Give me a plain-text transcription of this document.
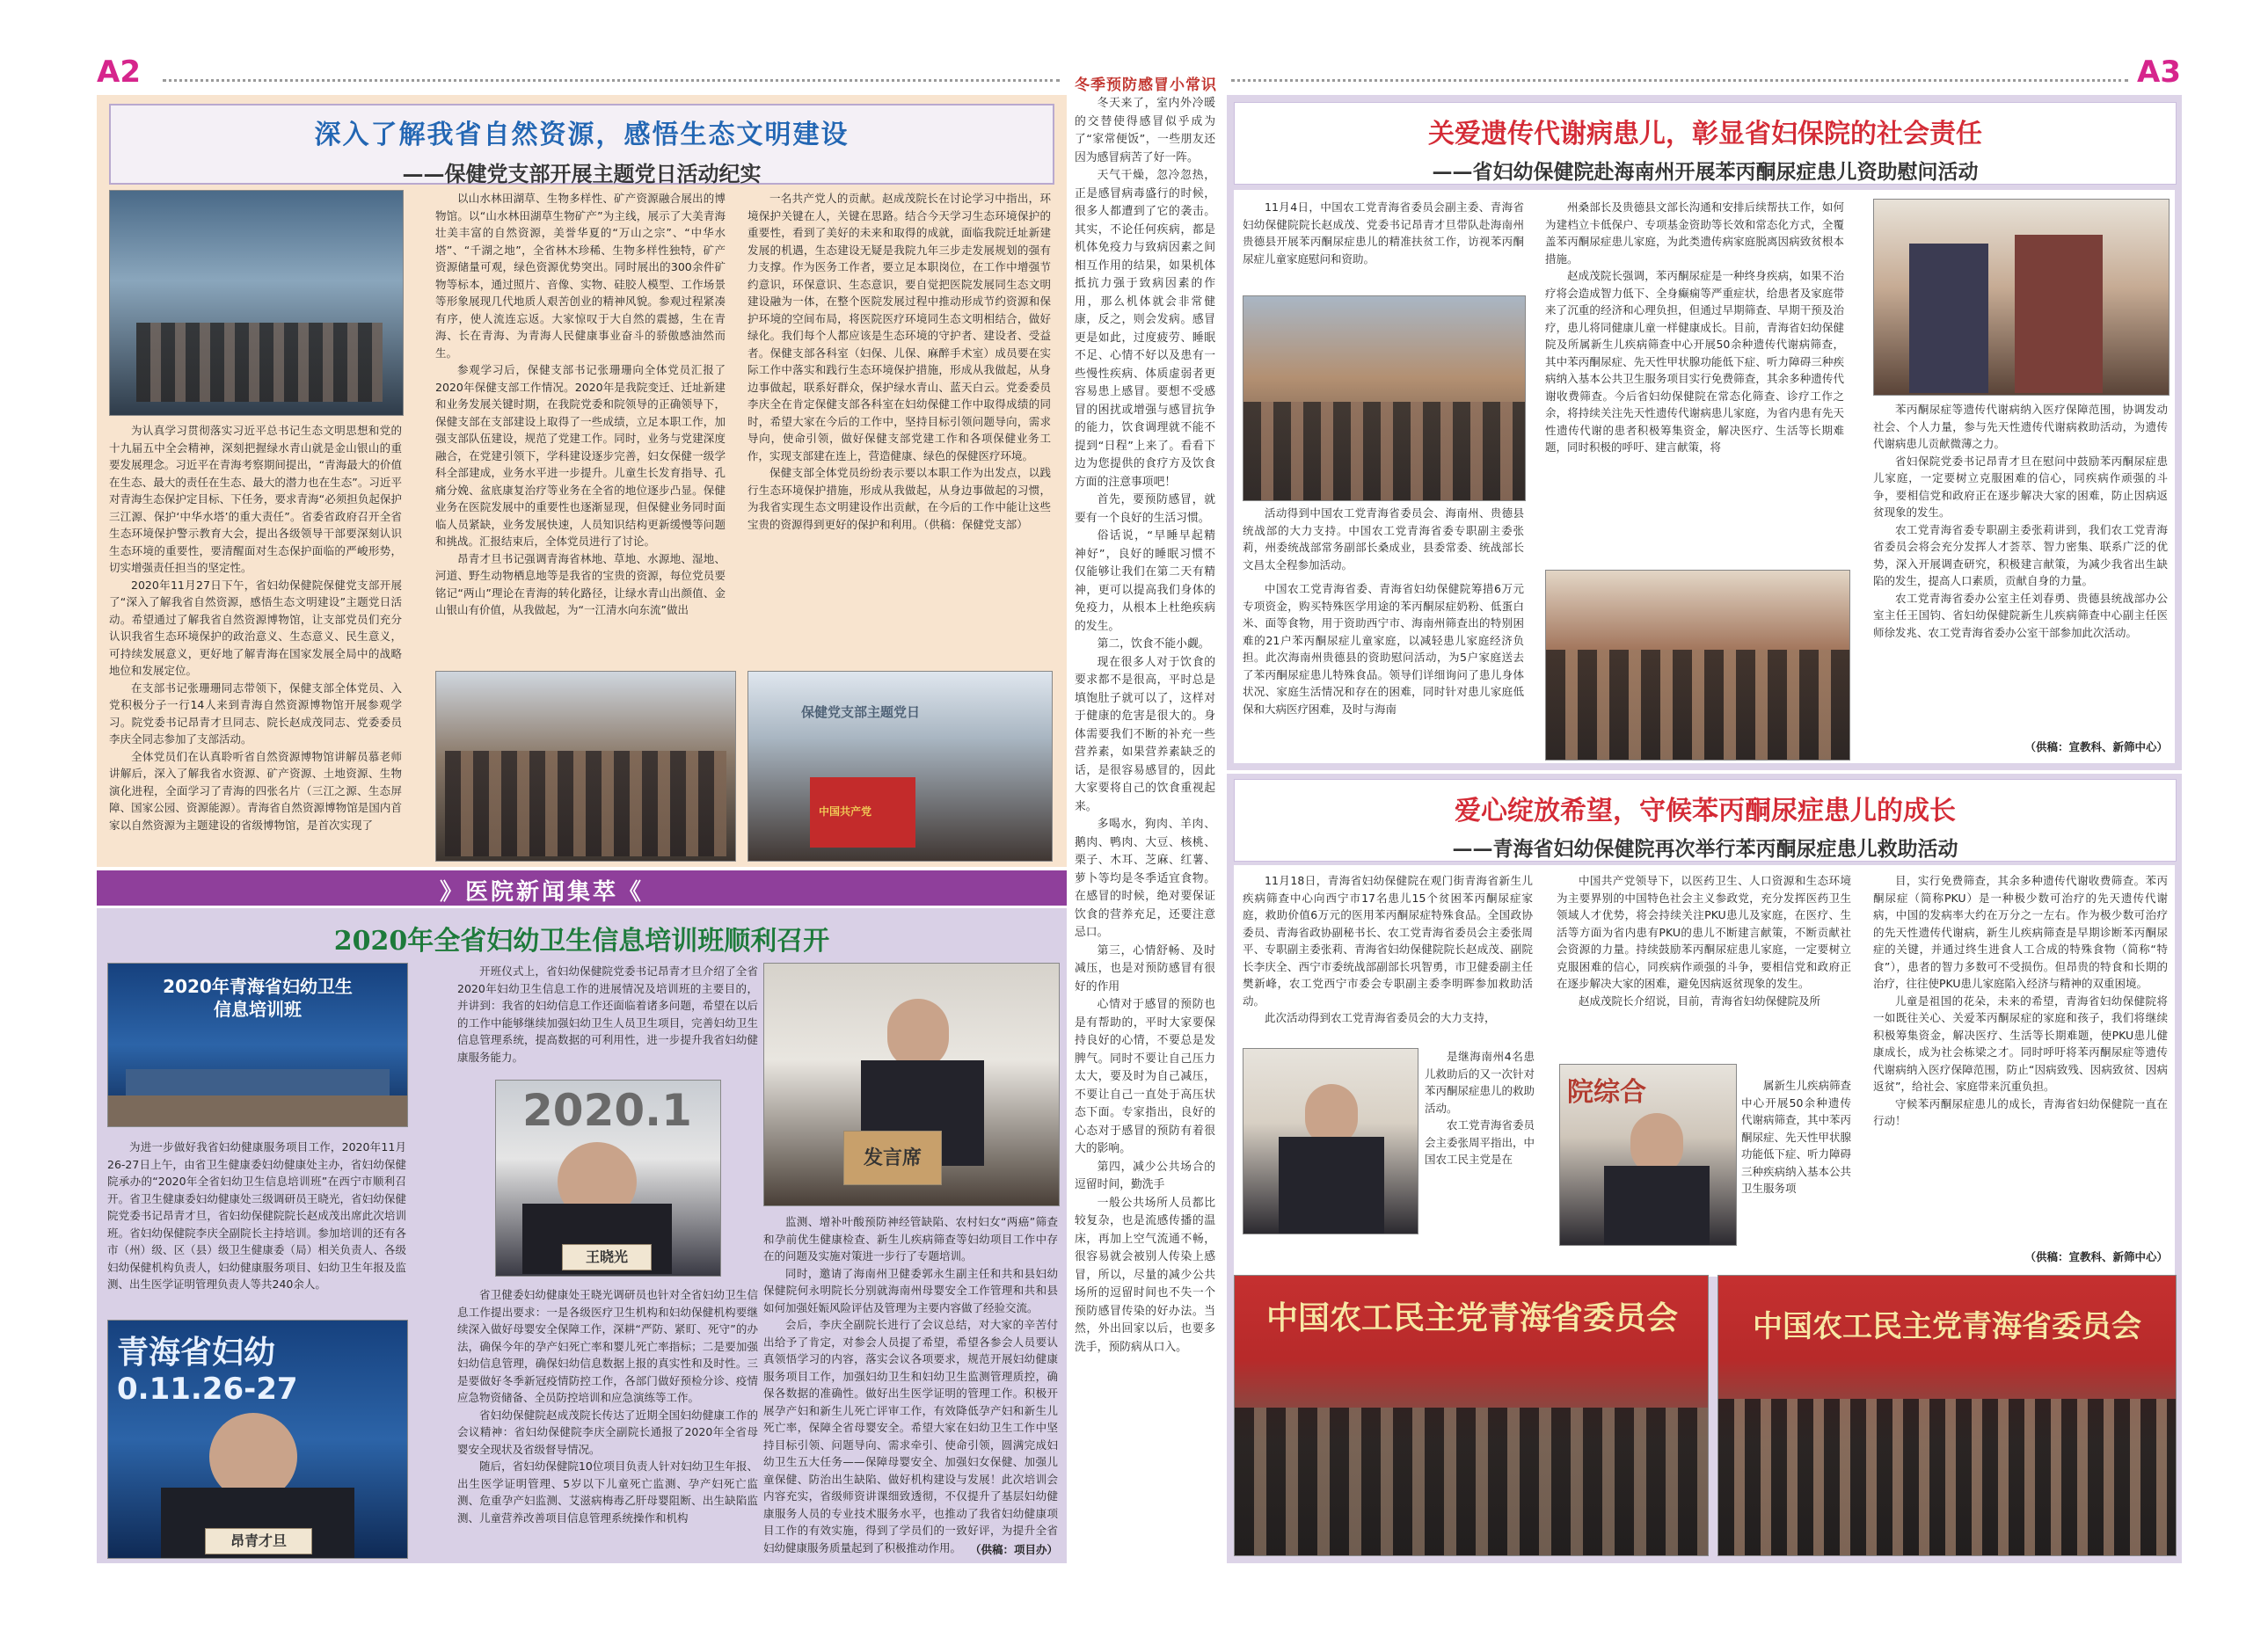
A2	冬季预防感冒小常识	A3
深入了解我省自然资源，感悟生态文明建设
——保健党支部开展主题党日活动纪实

为认真学习贯彻落实习近平总书记生态文明思想和党的十九届五中全会精神，深刻把握绿水青山就是金山银山的重要发展理念。习近平在青海考察期间提出，“青海最大的价值在生态、最大的责任在生态、最大的潜力也在生态”。习近平对青海生态保护定目标、下任务，要求青海“必须担负起保护三江源、保护‘中华水塔’的重大责任”。省委省政府召开全省生态环境保护警示教育大会，提出各级领导干部要深刻认识生态环境的重要性，要清醒面对生态保护面临的严峻形势，切实增强责任担当的坚定性。

2020年11月27日下午，省妇幼保健院保健党支部开展了“深入了解我省自然资源，感悟生态文明建设”主题党日活动。希望通过了解我省自然资源博物馆，让支部党员们充分认识我省生态环境保护的政治意义、生态意义、民生意义，可持续发展意义，更好地了解青海在国家发展全局中的战略地位和发展定位。

在支部书记张珊珊同志带领下，保健支部全体党员、入党积极分子一行14人来到青海自然资源博物馆开展参观学习。院党委书记昂青才旦同志、院长赵成茂同志、党委委员李庆全同志参加了支部活动。

全体党员们在认真聆听省自然资源博物馆讲解员慕老师讲解后，深入了解我省水资源、矿产资源、土地资源、生物演化进程，全面学习了青海的四张名片（三江之源、生态屏障、国家公园、资源能源）。青海省自然资源博物馆是国内首家以自然资源为主题建设的省级博物馆，是首次实现了

以山水林田湖草、生物多样性、矿产资源融合展出的博物馆。以“山水林田湖草生物矿产”为主线，展示了大美青海壮美丰富的自然资源，美誉华夏的“万山之宗”、“中华水塔”、“千湖之地”，全省林木珍稀、生物多样性独特，矿产资源储量可观，绿色资源优势突出。同时展出的300余件矿物等标本，通过照片、音像、实物、硅胶人模型、工作场景等形象展现几代地质人艰苦创业的精神风貌。参观过程紧凑有序，使人流连忘返。大家惊叹于大自然的震撼，生在青海、长在青海、为青海人民健康事业奋斗的骄傲感油然而生。

参观学习后，保健支部书记张珊珊向全体党员汇报了2020年保健支部工作情况。2020年是我院变迁、迁址新建和业务发展关键时期，在我院党委和院领导的正确领导下，保健支部在支部建设上取得了一些成绩，立足本职工作，加强支部队伍建设，规范了党建工作。同时，业务与党建深度融合，在党建引领下，学科建设逐步完善，妇女保健一级学科全部建成，业务水平进一步提升。儿童生长发育指导、孔痛分娩、盆底康复治疗等业务在全省的地位逐步凸显。保健业务在医院发展中的重要性也逐渐显现，但保健业务同时面临人员紧缺，业务发展快速，人员知识结构更新缓慢等问题和挑战。汇报结束后，全体党员进行了讨论。

昂青才旦书记强调青海省林地、草地、水源地、湿地、河道、野生动物栖息地等是我省的宝贵的资源，每位党员要铭记“两山”理论在青海的转化路径，让绿水青山出颜值、金山银山有价值，从我做起，为“一江清水向东流”做出

一名共产党人的贡献。赵成茂院长在讨论学习中指出，环境保护关键在人，关键在思路。结合今天学习生态环境保护的重要性，看到了美好的未来和取得的成就，面临我院迁址新建发展的机遇，生态建设无疑是我院九年三步走发展规划的强有力支撑。作为医务工作者，要立足本职岗位，在工作中增强节约意识，环保意识、生态意识，要自觉把医院发展同生态文明建设融为一体，在整个医院发展过程中推动形成节约资源和保护环境的空间布局，将医院医疗环境同生态文明相结合，做好绿化。我们每个人都应该是生态环境的守护者、建设者、受益者。保健支部各科室（妇保、儿保、麻醉手术室）成员要在实际工作中落实和践行生态环境保护措施，形成从我做起，从身边事做起，联系好群众，保护绿水青山、蓝天白云。党委委员李庆全在肯定保健支部各科室在妇幼保健工作中取得成绩的同时，希望大家在今后的工作中，坚持目标引领问题导向，需求导向，使命引领，做好保健支部党建工作和各项保健业务工作，实现支部建在连上，营造健康、绿色的保健医疗环境。

保健支部全体党员纷纷表示要以本职工作为出发点，以践行生态环境保护措施，形成从我做起，从身边事做起的习惯，为我省实现生态文明建设作出贡献，在今后的工作中能让这些宝贵的资源得到更好的保护和利用。（供稿：保健党支部）

保健党支部主题党日
中国共产党
》医院新闻集萃《
2020年全省妇幼卫生信息培训班顺利召开
2020年青海省妇幼卫生
信息培训班

为进一步做好我省妇幼健康服务项目工作，2020年11月26-27日上午，由省卫生健康委妇幼健康处主办，省妇幼保健院承办的“2020年全省妇幼卫生信息培训班”在西宁市顺利召开。省卫生健康委妇幼健康处三级调研员王晓光，省妇幼保健院党委书记昂青才旦，省妇幼保健院院长赵成茂出席此次培训班。省妇幼保健院李庆全副院长主持培训。参加培训的还有各市（州）级、区（县）级卫生健康委（局）相关负责人、各级妇幼保健机构负责人，妇幼健康服务项目、妇幼卫生年报及监测、出生医学证明管理负责人等共240余人。

2020.1
王晓光
青海省妇幼
0.11.26-27
昂青才旦

开班仪式上，省妇幼保健院党委书记昂青才旦介绍了全省2020年妇幼卫生信息工作的进展情况及培训班的主要目的，并讲到：我省的妇幼信息工作还面临着诸多问题，希望在以后的工作中能够继续加强妇幼卫生人员卫生项目，完善妇幼卫生信息管理系统，提高数据的可利用性，进一步提升我省妇幼健康服务能力。

省卫健委妇幼健康处王晓光调研员也针对全省妇幼卫生信息工作提出要求：一是各级医疗卫生机构和妇幼保健机构要继续深入做好母婴安全保障工作，深耕“严防、紧盯、死守”的办法，确保今年的孕产妇死亡率和婴儿死亡率指标；二是要加强妇幼信息管理，确保妇幼信息数据上报的真实性和及时性。三是要做好冬季新冠疫情防控工作，各部门做好预检分诊、疫情应急物资储备、全员防控培训和应急演练等工作。

省妇幼保健院赵成茂院长传达了近期全国妇幼健康工作的会议精神：省妇幼保健院李庆全副院长通报了2020年全省母婴安全现状及省级督导情况。

随后，省妇幼保健院10位项目负责人针对妇幼卫生年报、出生医学证明管理、5岁以下儿童死亡监测、孕产妇死亡监测、危重孕产妇监测、艾滋病梅毒乙肝母婴阻断、出生缺陷监测、儿童营养改善项目信息管理系统操作和机构

发言席

监测、增补叶酸预防神经管缺陷、农村妇女“两癌”筛查和孕前优生健康检查、新生儿疾病筛查等妇幼项目工作中存在的问题及实施对策进一步行了专题培训。

同时，邀请了海南州卫健委郭永生副主任和共和县妇幼保健院何永明院长分别就海南州母婴安全工作管理和共和县如何加强妊娠风险评估及管理为主要内容做了经验交流。

会后，李庆全副院长进行了会议总结，对大家的辛苦付出给予了肯定，对参会人员提了希望，希望各参会人员要认真领悟学习的内容，落实会议各项要求，规范开展妇幼健康服务项目工作，加强妇幼卫生和妇幼卫生监测管理质控，确保各数据的准确性。做好出生医学证明的管理工作。积极开展孕产妇和新生儿死亡评审工作，有效降低孕产妇和新生儿死亡率，保障全省母婴安全。希望大家在妇幼卫生工作中坚持目标引领、问题导向、需求牵引、使命引领，圆满完成妇幼卫生五大任务——保障母婴安全、加强妇女保健、加强儿童保健、防治出生缺陷、做好机构建设与发展！此次培训会内容充实，省级师资讲课细致透彻，不仅提升了基层妇幼健康服务人员的专业技术服务水平，也推动了我省妇幼健康项目工作的有效实施，得到了学员们的一致好评，为提升全省妇幼健康服务质量起到了积极推动作用。 （供稿：项目办）

冬天来了，室内外冷暖的交替使得感冒似乎成为了“家常便饭”，一些朋友还因为感冒病苦了好一阵。

天气干燥，忽冷忽热，正是感冒病毒盛行的时候，很多人都遭到了它的袭击。其实，不论任何疾病，都是机体免疫力与致病因素之间相互作用的结果，如果机体抵抗力强于致病因素的作用，那么机体就会非常健康，反之，则会发病。感冒更是如此，过度疲劳、睡眠不足、心情不好以及患有一些慢性疾病、体质虚弱者更容易患上感冒。要想不受感冒的困扰或增强与感冒抗争的能力，饮食调理就不能不提到“日程”上来了。看看下边为您提供的食疗方及饮食方面的注意事项吧！

首先，要预防感冒，就要有一个良好的生活习惯。

俗话说，“早睡早起精神好”，良好的睡眠习惯不仅能够让我们在第二天有精神，更可以提高我们身体的免疫力，从根本上杜绝疾病的发生。

第二，饮食不能小觑。

现在很多人对于饮食的要求都不是很高，平时总是填饱肚子就可以了，这样对于健康的危害是很大的。身体需要我们不断的补充一些营养素，如果营养素缺乏的话，是很容易感冒的，因此大家要将自己的饮食重视起来。

多喝水，狗肉、羊肉、鹅肉、鸭肉、大豆、核桃、栗子、木耳、芝麻、红薯、萝卜等均是冬季适宜食物。在感冒的时候，绝对要保证饮食的营养充足，还要注意忌口。

第三，心情舒畅、及时减压，也是对预防感冒有很好的作用

心情对于感冒的预防也是有帮助的，平时大家要保持良好的心情，不要总是发脾气。同时不要让自己压力太大，要及时为自己减压，不要让自己一直处于高压状态下面。专家指出，良好的心态对于感冒的预防有着很大的影响。

第四，减少公共场合的逗留时间，勤洗手

一般公共场所人员都比较复杂，也是流感传播的温床，再加上空气流通不畅，很容易就会被别人传染上感冒，所以，尽量的减少公共场所的逗留时间也不失一个预防感冒传染的好办法。当然，外出回家以后，也要多洗手，预防病从口入。

关爱遗传代谢病患儿，彰显省妇保院的社会责任
——省妇幼保健院赴海南州开展苯丙酮尿症患儿资助慰问活动

11月4日，中国农工党青海省委员会副主委、青海省妇幼保健院院长赵成茂、党委书记昂青才旦带队赴海南州贵德县开展苯丙酮尿症患儿的精准扶贫工作，访视苯丙酮尿症儿童家庭慰问和资助。

活动得到中国农工党青海省委员会、海南州、贵德县统战部的大力支持。中国农工党青海省委专职副主委张莉，州委统战部常务副部长桑成业，县委常委、统战部长文昌太全程参加活动。

中国农工党青海省委、青海省妇幼保健院筹措6万元专项资金，购买特殊医学用途的苯丙酮尿症奶粉、低蛋白米、面等食物，用于资助西宁市、海南州筛查出的特别困难的21户苯丙酮尿症儿童家庭，以减轻患儿家庭经济负担。此次海南州贵德县的资助慰问活动，为5户家庭送去了苯丙酮尿症患儿特殊食品。领导们详细询问了患儿身体状况、家庭生活情况和存在的困难，同时针对患儿家庭低保和大病医疗困难，及时与海南

州桑部长及贵德县文部长沟通和安排后续帮扶工作，如何为建档立卡低保户、专项基金资助等长效和常态化方式，全覆盖苯丙酮尿症患儿家庭，为此类遗传病家庭脱离因病致贫根本措施。

赵成茂院长强调，苯丙酮尿症是一种终身疾病，如果不治疗将会造成智力低下、全身癫痫等严重症状，给患者及家庭带来了沉重的经济和心理负担，但通过早期筛查、早期干预及治疗，患儿将同健康儿童一样健康成长。目前，青海省妇幼保健院及所属新生儿疾病筛查中心开展50余种遗传代谢病筛查，其中苯丙酮尿症、先天性甲状腺功能低下症、听力障碍三种疾病纳入基本公共卫生服务项目实行免费筛查，其余多种遗传代谢收费筛查。今后省妇幼保健院在常态化筛查、诊疗工作之余，将持续关注先天性遗传代谢病患儿家庭，为省内患有先天性遗传代谢的患者积极筹集资金，解决医疗、生活等长期难题，同时积极的呼吁、建言献策，将

苯丙酮尿症等遗传代谢病纳入医疗保障范围，协调发动社会、个人力量，参与先天性遗传代谢病救助活动，为遗传代谢病患儿贡献微薄之力。

省妇保院党委书记昂青才旦在慰问中鼓励苯丙酮尿症患儿家庭，一定要树立克服困难的信心，同疾病作顽强的斗争，要相信党和政府正在逐步解决大家的困难，防止因病返贫现象的发生。

农工党青海省委专职副主委张莉讲到，我们农工党青海省委员会将会充分发挥人才荟萃、智力密集、联系广泛的优势，深入开展调查研究，积极建言献策，为减少我省出生缺陷的发生，提高人口素质，贡献自身的力量。

农工党青海省委办公室主任刘春勇、贵德县统战部办公室主任王国钧、省妇幼保健院新生儿疾病筛查中心副主任医师徐发兆、农工党青海省委办公室干部参加此次活动。

（供稿：宣教科、新筛中心）
爱心绽放希望，守候苯丙酮尿症患儿的成长
——青海省妇幼保健院再次举行苯丙酮尿症患儿救助活动

11月18日，青海省妇幼保健院在观门街青海省新生儿疾病筛查中心向西宁市17名患儿15个贫困苯丙酮尿症家庭，救助价值6万元的医用苯丙酮尿症特殊食品。全国政协委员、青海省政协副秘书长、农工党青海省委员会主委张周平、专职副主委张莉、青海省妇幼保健院院长赵成茂、副院长李庆全、西宁市委统战部副部长巩智勇，市卫健委副主任樊新峰，农工党西宁市委会专职副主委李明晖参加救助活动。

此次活动得到农工党青海省委员会的大力支持，

是继海南州4名患儿救助后的又一次针对苯丙酮尿症患儿的救助活动。

农工党青海省委员会主委张周平指出，中国农工民主党是在

中国共产党领导下，以医药卫生、人口资源和生态环境为主要界别的中国特色社会主义参政党，充分发挥医药卫生领域人才优势，将会持续关注PKU患儿及家庭，在医疗、生活等方面为省内患有PKU的患儿不断建言献策，不断贡献社会资源的力量。持续鼓励苯丙酮尿症患儿家庭，一定要树立克服困难的信心，同疾病作顽强的斗争，要相信党和政府正在逐步解决大家的困难，避免因病返贫现象的发生。

赵成茂院长介绍说，目前，青海省妇幼保健院及所

院综合	属新生儿疾病筛查中心开展50余种遗传代谢病筛查，其中苯丙酮尿症、先天性甲状腺功能低下症、听力障碍三种疾病纳入基本公共卫生服务项

目，实行免费筛查，其余多种遗传代谢收费筛查。苯丙酮尿症（简称PKU）是一种极少数可治疗的先天遗传代谢病，中国的发病率大约在万分之一左右。作为极少数可治疗的先天性遗传代谢病，新生儿疾病筛查是早期诊断苯丙酮尿症的关键，并通过终生进食人工合成的特殊食物（简称“特食”），患者的智力多数可不受损伤。但昂贵的特食和长期的治疗，往往使PKU患儿家庭陷入经济与精神的双重困境。

儿童是祖国的花朵，未来的希望，青海省妇幼保健院将一如既往关心、关爱苯丙酮尿症的家庭和孩子，我们将继续积极筹集资金，解决医疗、生活等长期难题，使PKU患儿健康成长，成为社会栋梁之才。同时呼吁将苯丙酮尿症等遗传代谢病纳入医疗保障范围，防止“因病致残、因病致贫、因病返贫”，给社会、家庭带来沉重负担。

守候苯丙酮尿症患儿的成长，青海省妇幼保健院一直在行动！

（供稿：宣教科、新筛中心）
中国农工民主党青海省委员会	中国农工民主党青海省委员会
